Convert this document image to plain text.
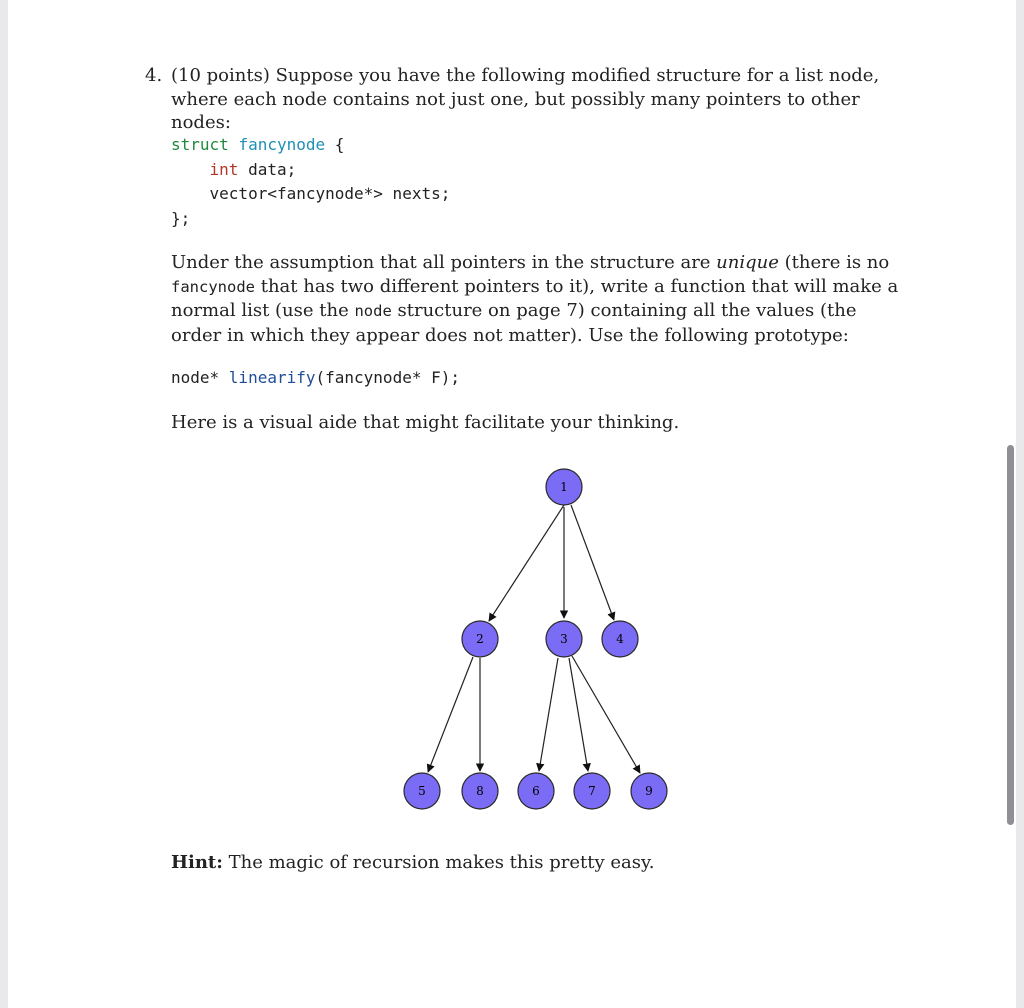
4. (10 points) Suppose you have the following modified structure for a list node, where each node contains not just one, but possibly many pointers to other nodes:
struct fancynode {
int data;
vector<fancynode*> nexts;
};
Under the assumption that all pointers in the structure are unique (there is no fancynode that has two different pointers to it), write a function that will make a normal list (use the node structure on page 7) containing all the values (the order in which they appear does not matter). Use the following prototype:
node* linearify(fancynode* F);
Here is a visual aide that might facilitate your thinking.
1
2	3	4
5	8	6	7	9
Hint: The magic of recursion makes this pretty easy.
